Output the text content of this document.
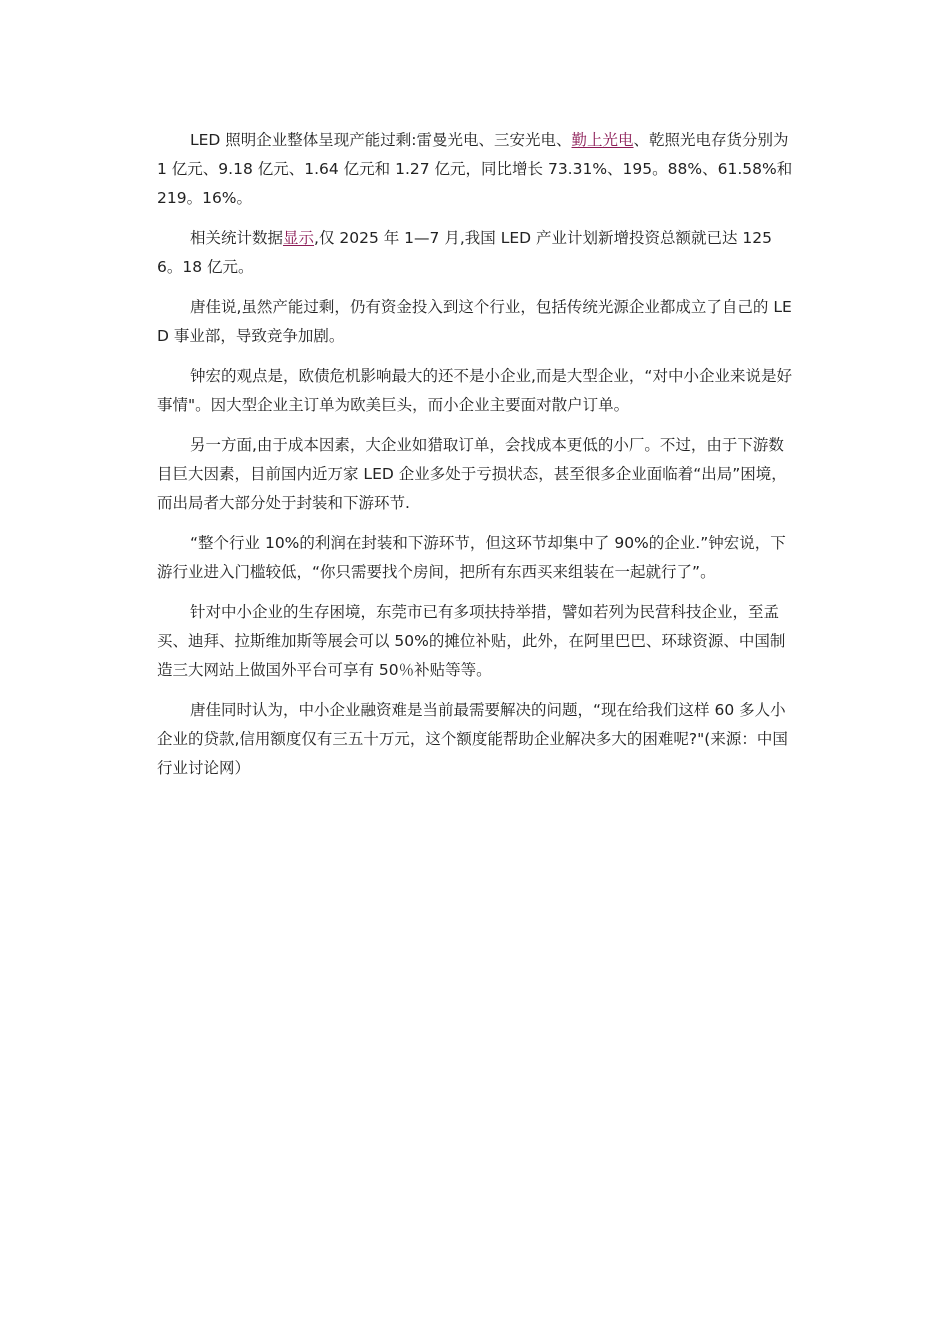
LED 照明企业整体呈现产能过剩:雷曼光电、三安光电、勤上光电、乾照光电存货分别为 1 亿元、9.18 亿元、1.64 亿元和 1.27 亿元，同比增长 73.31%、195。88%、61.58%和 219。16%。

相关统计数据显示,仅 2025 年 1—7 月,我国 LED 产业计划新增投资总额就已达 1256。18 亿元。

唐佳说,虽然产能过剩，仍有资金投入到这个行业，包括传统光源企业都成立了自己的 LED 事业部，导致竞争加剧。

钟宏的观点是，欧债危机影响最大的还不是小企业,而是大型企业，“对中小企业来说是好事情"。因大型企业主订单为欧美巨头，而小企业主要面对散户订单。

另一方面,由于成本因素，大企业如猎取订单，会找成本更低的小厂。不过，由于下游数目巨大因素，目前国内近万家 LED 企业多处于亏损状态，甚至很多企业面临着“出局”困境，而出局者大部分处于封装和下游环节.

“整个行业 10%的利润在封装和下游环节，但这环节却集中了 90%的企业.”钟宏说，下游行业进入门槛较低，“你只需要找个房间，把所有东西买来组装在一起就行了”。

针对中小企业的生存困境，东莞市已有多项扶持举措，譬如若列为民营科技企业，至孟买、迪拜、拉斯维加斯等展会可以 50%的摊位补贴，此外，在阿里巴巴、环球资源、中国制造三大网站上做国外平台可享有 50％补贴等等。

唐佳同时认为，中小企业融资难是当前最需要解决的问题，“现在给我们这样 60 多人小企业的贷款,信用额度仅有三五十万元，这个额度能帮助企业解决多大的困难呢?"(来源：中国行业讨论网）
